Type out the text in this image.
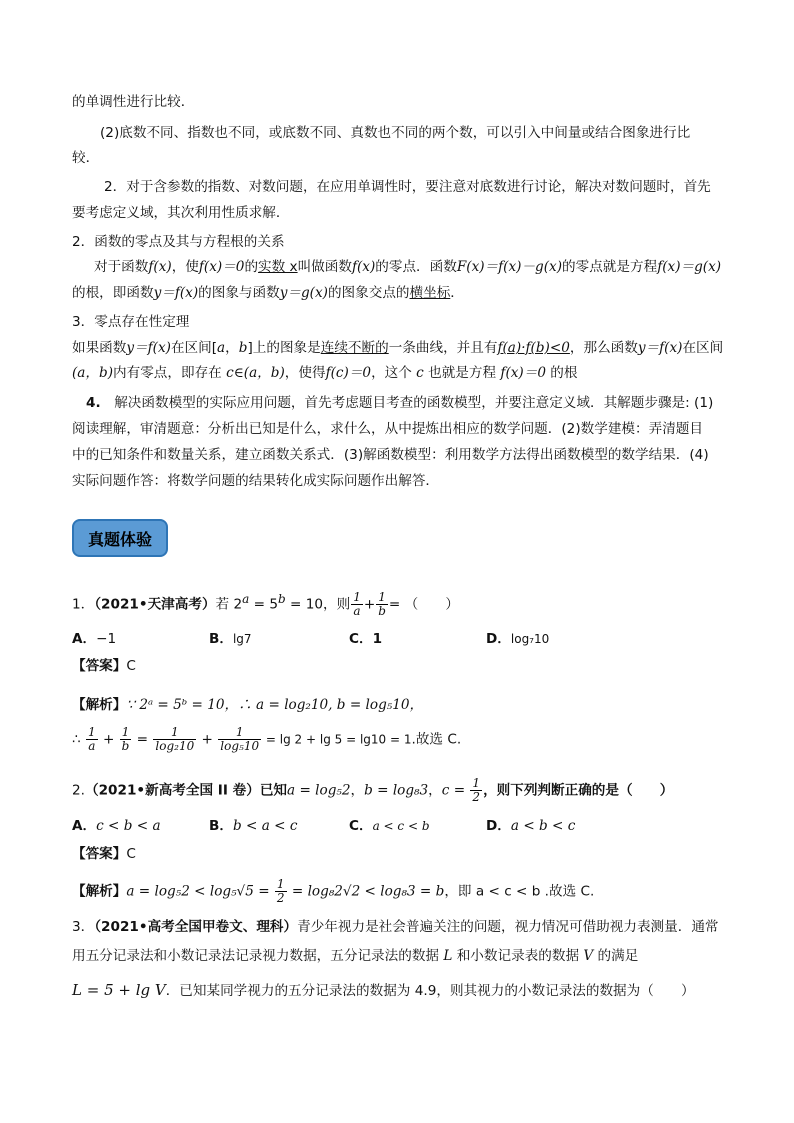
的单调性进行比较．
(2)底数不同、指数也不同，或底数不同、真数也不同的两个数，可以引入中间量或结合图象进行比
较．
2．对于含参数的指数、对数问题，在应用单调性时，要注意对底数进行讨论，解决对数问题时，首先
要考虑定义域，其次利用性质求解．
2．函数的零点及其与方程根的关系
对于函数f(x)，使f(x)＝0的实数 x叫做函数f(x)的零点．函数F(x)＝f(x)－g(x)的零点就是方程f(x)＝g(x)
的根，即函数y＝f(x)的图象与函数y＝g(x)的图象交点的横坐标．
3．零点存在性定理
如果函数y＝f(x)在区间[a，b]上的图象是连续不断的一条曲线，并且有f(a)·f(b)<0，那么函数y＝f(x)在区间
(a，b)内有零点，即存在 c∈(a，b)，使得f(c)＝0，这个 c 也就是方程 f(x)＝0 的根
4.　解决函数模型的实际应用问题，首先考虑题目考查的函数模型，并要注意定义域．其解题步骤是: (1)
阅读理解，审清题意：分析出已知是什么，求什么，从中提炼出相应的数学问题．(2)数学建模：弄清题目
中的已知条件和数量关系，建立函数关系式．(3)解函数模型：利用数学方法得出函数模型的数学结果．(4)
实际问题作答：将数学问题的结果转化成实际问题作出解答．
真题体验
1．（2021•天津高考）若 $2^a = 5^b = 10$，则 $\frac{1}{a} + \frac{1}{b}$ = （　　）
A．−1	B．lg7	C．1	D．log₇10
【答案】C
【解析】∵ 2ᵃ = 5ᵇ = 10，∴ a = log₂10, b = log₅10，
∴ $\frac{1}{a} + \frac{1}{b} = \frac{1}{\text{log₂10}} + \frac{1}{\text{log₅10}} = \lg 2 + \lg 5 = \lg 10 = 1$.故选 C.
2.（2021•新高考全国 II 卷）已知a = log₅2，b = log₈3，$c = \frac{1}{2}$ ，则下列判断正确的是（　　）
A．c < b < a	B．b < a < c	C．a < c < b	D．a < b < c
【答案】C
【解析】$a = \log_52 < \log_5√5 = \frac{1}{2} = \log_82√2 < \log_83 = b$，即 a < c < b .故选 C.
3．（2021•高考全国甲卷文、理科）青少年视力是社会普遍关注的问题，视力情况可借助视力表测量．通常
用五分记录法和小数记录法记录视力数据，五分记录法的数据 L 和小数记录表的数据 V 的满足
L = 5 + lg V．已知某同学视力的五分记录法的数据为 4.9，则其视力的小数记录法的数据为（　　）
